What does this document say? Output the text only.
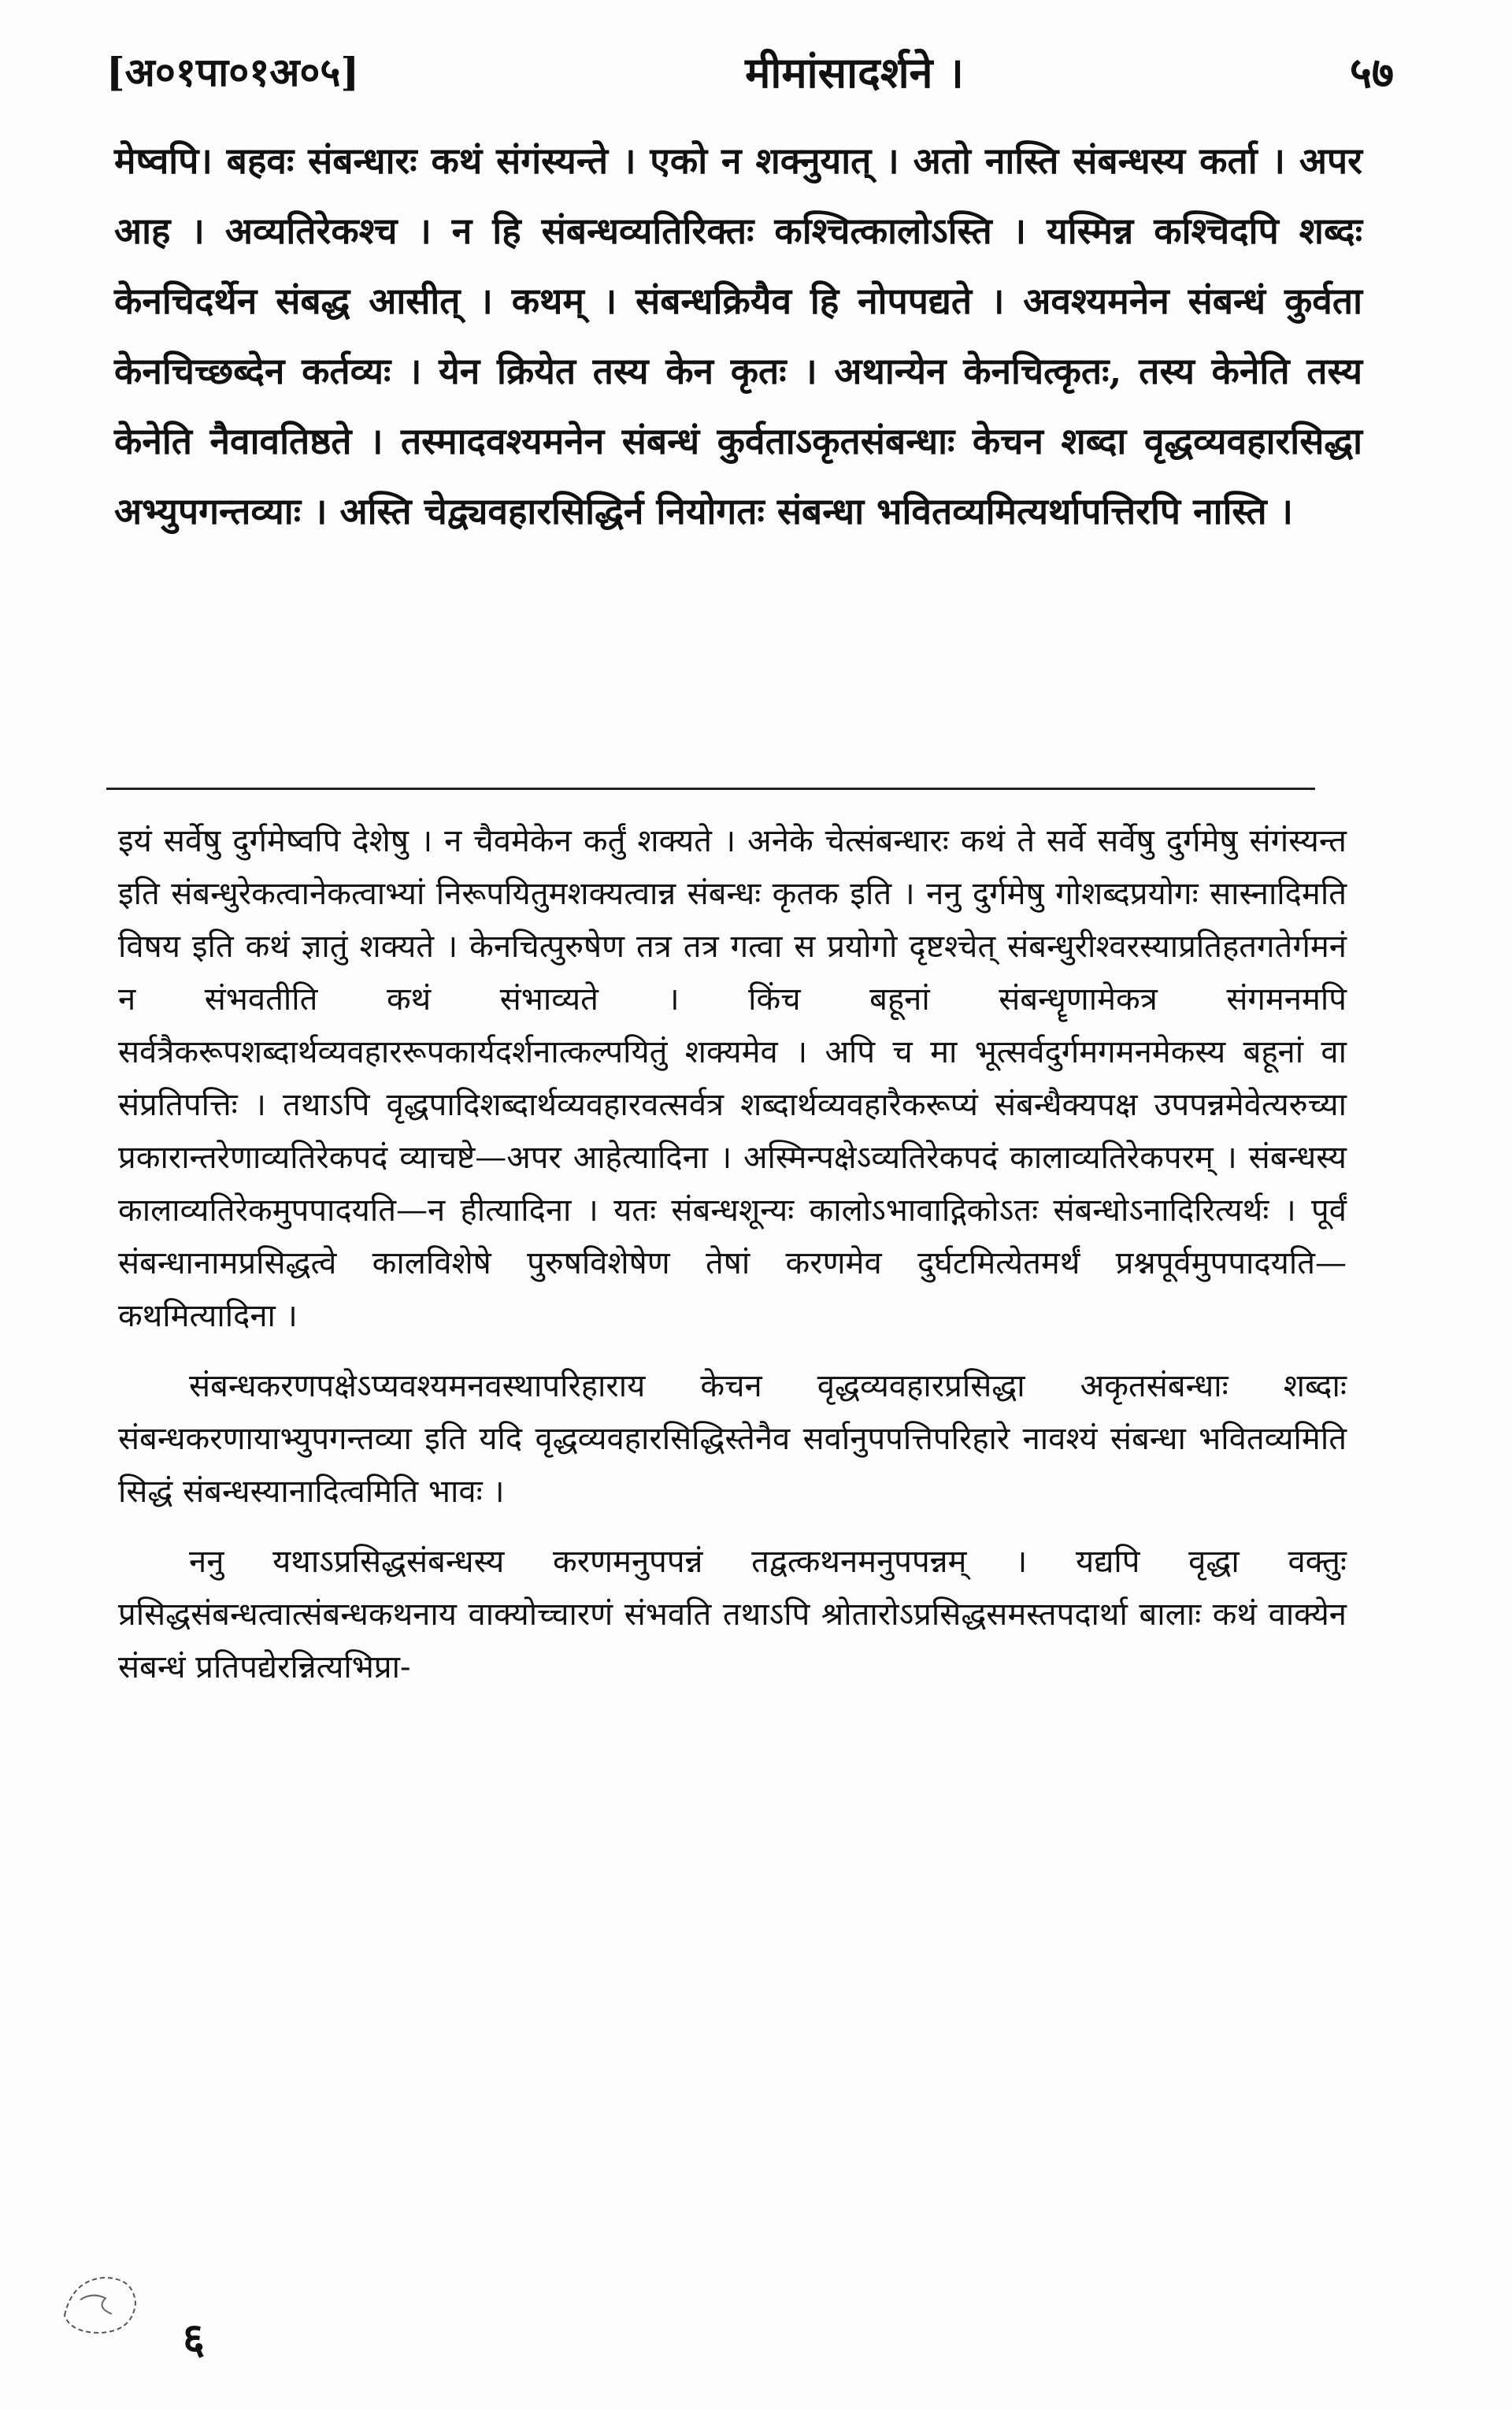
[अ०१पा०१अ०५]	मीमांसादर्शने ।	५७

मेष्वपि। बहवः संबन्धारः कथं संगंस्यन्ते । एको न शक्नुयात् । अतो नास्ति संबन्धस्य कर्ता । अपर आह । अव्यतिरेकश्च । न हि संबन्धव्यतिरिक्तः कश्चित्कालोऽस्ति । यस्मिन्न कश्चिदपि शब्दः केनचिदर्थेन संबद्ध आसीत् । कथम् । संबन्धक्रियैव हि नोपपद्यते । अवश्यमनेन संबन्धं कुर्वता केनचिच्छब्देन कर्तव्यः । येन क्रियेत तस्य केन कृतः । अथान्येन केनचित्कृतः, तस्य केनेति तस्य केनेति नैवावतिष्ठते । तस्मादवश्यमनेन संबन्धं कुर्वताऽकृतसंबन्धाः केचन शब्दा वृद्धव्यवहारसिद्धा अभ्युपगन्तव्याः । अस्ति चेद्व्यवहारसिद्धिर्न नियोगतः संबन्धा भवितव्यमित्यर्थापत्तिरपि नास्ति ।

इयं सर्वेषु दुर्गमेष्वपि देशेषु । न चैवमेकेन कर्तुं शक्यते । अनेके चेत्संबन्धारः कथं ते सर्वे सर्वेषु दुर्गमेषु संगंस्यन्त इति संबन्धुरेकत्वानेकत्वाभ्यां निरूपयितुमशक्यत्वान्न संबन्धः कृतक इति । ननु दुर्गमेषु गोशब्दप्रयोगः सास्नादिमति विषय इति कथं ज्ञातुं शक्यते । केनचित्पुरुषेण तत्र तत्र गत्वा स प्रयोगो दृष्टश्चेत् संबन्धुरीश्वरस्याप्रतिहतगतेर्गमनं न संभवतीति कथं संभाव्यते । किंच बहूनां संबन्धॄणामेकत्र संगमनमपि सर्वत्रैकरूपशब्दार्थव्यवहाररूपकार्यदर्शनात्कल्पयितुं शक्यमेव । अपि च मा भूत्सर्वदुर्गमगमनमेकस्य बहूनां वा संप्रतिपत्तिः । तथाऽपि वृद्धपादिशब्दार्थव्यवहारवत्सर्वत्र शब्दार्थव्यवहारैकरूप्यं संबन्धैक्यपक्ष उपपन्नमेवेत्यरुच्या प्रकारान्तरेणाव्यतिरेकपदं व्याचष्टे—अपर आहेत्यादिना । अस्मिन्पक्षेऽव्यतिरेकपदं कालाव्यतिरेकपरम् । संबन्धस्य कालाव्यतिरेकमुपपादयति—न हीत्यादिना । यतः संबन्धशून्यः कालोऽभावाद्गिकोऽतः संबन्धोऽनादिरित्यर्थः । पूर्वं संबन्धानामप्रसिद्धत्वे कालविशेषे पुरुषविशेषेण तेषां करणमेव दुर्घटमित्येतमर्थं प्रश्नपूर्वमुपपादयति—कथमित्यादिना ।

संबन्धकरणपक्षेऽप्यवश्यमनवस्थापरिहाराय केचन वृद्धव्यवहारप्रसिद्धा अकृतसंबन्धाः शब्दाः संबन्धकरणायाभ्युपगन्तव्या इति यदि वृद्धव्यवहारसिद्धिस्तेनैव सर्वानुपपत्तिपरिहारे नावश्यं संबन्धा भवितव्यमिति सिद्धं संबन्धस्यानादित्वमिति भावः ।

ननु यथाऽप्रसिद्धसंबन्धस्य करणमनुपपन्नं तद्वत्कथनमनुपपन्नम् । यद्यपि वृद्धा वक्तुः प्रसिद्धसंबन्धत्वात्संबन्धकथनाय वाक्योच्चारणं संभवति तथाऽपि श्रोतारोऽप्रसिद्धसमस्तपदार्था बालाः कथं वाक्येन संबन्धं प्रतिपद्येरन्नित्यभिप्रा-

६
